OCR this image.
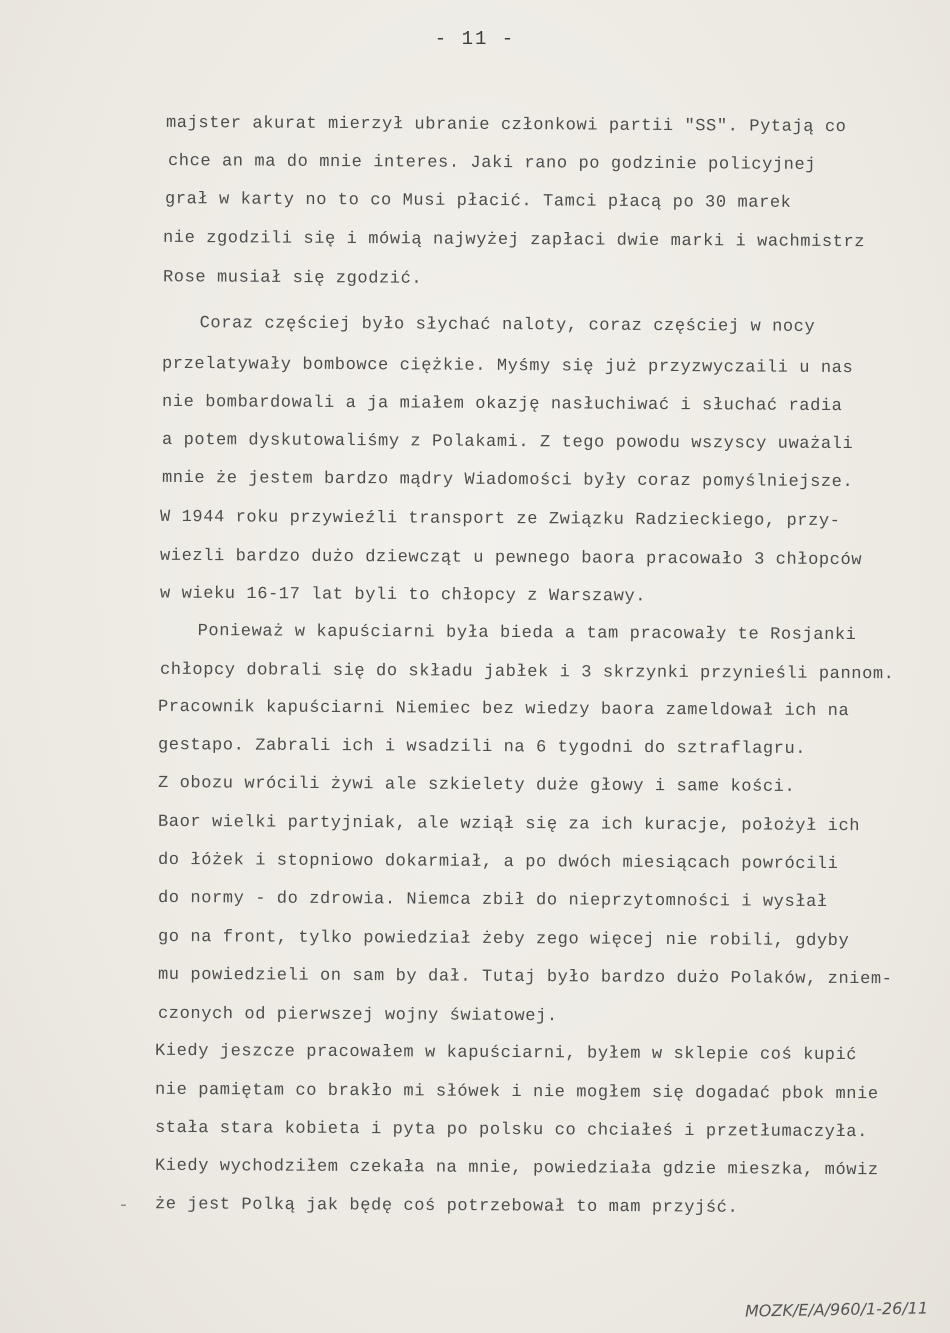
- 11 -
majster akurat mierzył ubranie członkowi partii "SS". Pytają co
chce an ma do mnie interes. Jaki rano po godzinie policyjnej
grał w karty no to co Musi płacić. Tamci płacą po 30 marek
nie zgodzili się i mówią najwyżej zapłaci dwie marki i wachmistrz
Rose musiał się zgodzić.
Coraz częściej było słychać naloty, coraz częściej w nocy
przelatywały bombowce ciężkie. Myśmy się już przyzwyczaili u nas
nie bombardowali a ja miałem okazję nasłuchiwać i słuchać radia
a potem dyskutowaliśmy z Polakami. Z tego powodu wszyscy uważali
mnie że jestem bardzo mądry Wiadomości były coraz pomyślniejsze.
W 1944 roku przywieźli transport ze Związku Radzieckiego, przy-
wiezli bardzo dużo dziewcząt u pewnego baora pracowało 3 chłopców
w wieku 16-17 lat byli to chłopcy z Warszawy.
Ponieważ w kapuściarni była bieda a tam pracowały te Rosjanki
chłopcy dobrali się do składu jabłek i 3 skrzynki przynieśli pannom.
Pracownik kapuściarni Niemiec bez wiedzy baora zameldował ich na
gestapo. Zabrali ich i wsadzili na 6 tygodni do sztraflagru.
Z obozu wrócili żywi ale szkielety duże głowy i same kości.
Baor wielki partyjniak, ale wziął się za ich kuracje, położył ich
do łóżek i stopniowo dokarmiał, a po dwóch miesiącach powrócili
do normy - do zdrowia. Niemca zbił do nieprzytomności i wysłał
go na front, tylko powiedział żeby zego więcej nie robili, gdyby
mu powiedzieli on sam by dał. Tutaj było bardzo dużo Polaków, zniem-
czonych od pierwszej wojny światowej.
Kiedy jeszcze pracowałem w kapuściarni, byłem w sklepie coś kupić
nie pamiętam co brakło mi słówek i nie mogłem się dogadać pbok mnie
stała stara kobieta i pyta po polsku co chciałeś i przetłumaczyła.
Kiedy wychodziłem czekała na mnie, powiedziała gdzie mieszka, mówiz
że jest Polką jak będę coś potrzebował to mam przyjść.
-
MOZK/E/A/960/1-26/11
